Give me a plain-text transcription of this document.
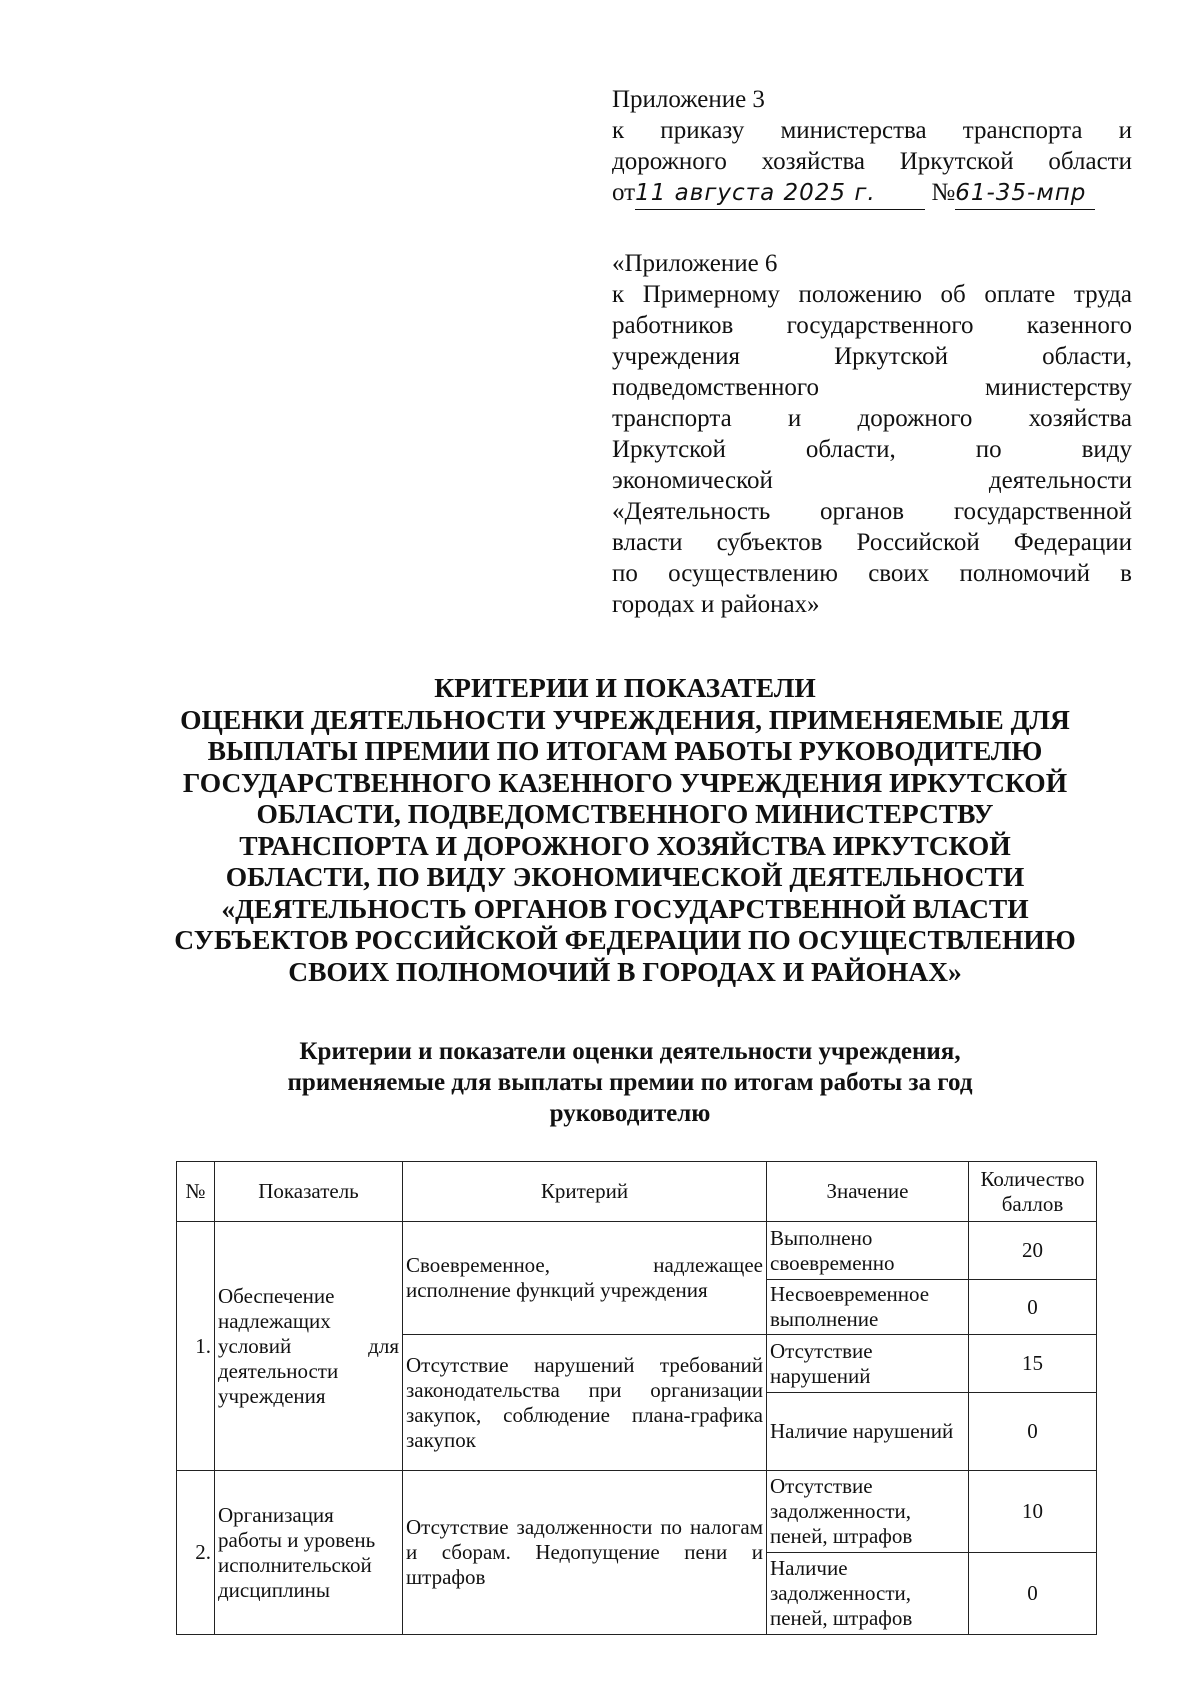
Приложение 3
к приказу министерства транспорта и
дорожного хозяйства Иркутской области
от11 августа 2025 г. №61-35-мпр
«Приложение 6
к Примерному положению об оплате труда
работников государственного казенного
учреждения Иркутской области,
подведомственного министерству
транспорта и дорожного хозяйства
Иркутской области, по виду
экономической деятельности
«Деятельность органов государственной
власти субъектов Российской Федерации
по осуществлению своих полномочий в
городах и районах»
КРИТЕРИИ И ПОКАЗАТЕЛИ
ОЦЕНКИ ДЕЯТЕЛЬНОСТИ УЧРЕЖДЕНИЯ, ПРИМЕНЯЕМЫЕ ДЛЯ
ВЫПЛАТЫ ПРЕМИИ ПО ИТОГАМ РАБОТЫ РУКОВОДИТЕЛЮ
ГОСУДАРСТВЕННОГО КАЗЕННОГО УЧРЕЖДЕНИЯ ИРКУТСКОЙ
ОБЛАСТИ, ПОДВЕДОМСТВЕННОГО МИНИСТЕРСТВУ
ТРАНСПОРТА И ДОРОЖНОГО ХОЗЯЙСТВА ИРКУТСКОЙ
ОБЛАСТИ, ПО ВИДУ ЭКОНОМИЧЕСКОЙ ДЕЯТЕЛЬНОСТИ
«ДЕЯТЕЛЬНОСТЬ ОРГАНОВ ГОСУДАРСТВЕННОЙ ВЛАСТИ
СУБЪЕКТОВ РОССИЙСКОЙ ФЕДЕРАЦИИ ПО ОСУЩЕСТВЛЕНИЮ
СВОИХ ПОЛНОМОЧИЙ В ГОРОДАХ И РАЙОНАХ»
Критерии и показатели оценки деятельности учреждения,
применяемые для выплаты премии по итогам работы за год
руководителю
№	Показатель	Критерий	Значение	Количество баллов
1.	Обеспечение надлежащих условий для деятельности учреждения	Своевременное, надлежащее исполнение функций учреждения	Выполнено своевременно	20
			Несвоевременное выполнение	0
		Отсутствие нарушений требований законодательства при организации закупок, соблюдение плана-графика закупок	Отсутствие нарушений	15
			Наличие нарушений	0
2.	Организация работы и уровень исполнительской дисциплины	Отсутствие задолженности по налогам и сборам. Недопущение пени и штрафов	Отсутствие задолженности, пеней, штрафов	10
			Наличие задолженности, пеней, штрафов	0
